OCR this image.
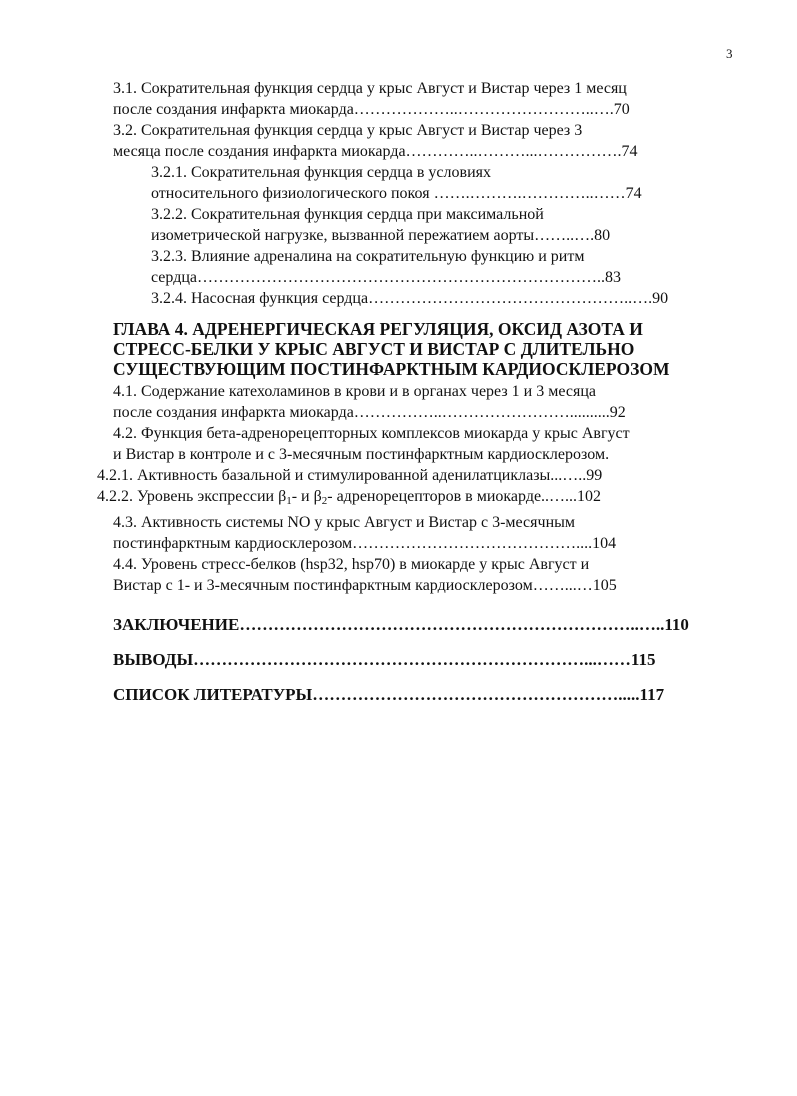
3
3.1. Сократительная функция сердца у крыс Август и Вистар через 1 месяц
после создания инфаркта миокарда………………..……………………..….70
3.2. Сократительная функция сердца у крыс Август и Вистар через 3
месяца после создания инфаркта миокарда…………..………...…………….74
3.2.1. Сократительная функция сердца в условиях
относительного физиологического покоя …….……….…………..……74
3.2.2. Сократительная функция сердца при максимальной
изометрической нагрузке, вызванной пережатием аорты……..….80
3.2.3. Влияние адреналина на сократительную функцию и ритм
сердца…………………………………………………………………..83
3.2.4. Насосная функция сердца…………………………………………..….90
ГЛАВА 4. АДРЕНЕРГИЧЕСКАЯ РЕГУЛЯЦИЯ, ОКСИД АЗОТА И
СТРЕСС-БЕЛКИ У КРЫС АВГУСТ И ВИСТАР С ДЛИТЕЛЬНО
СУЩЕСТВУЮЩИМ ПОСТИНФАРКТНЫМ КАРДИОСКЛЕРОЗОМ
4.1. Содержание катехоламинов в крови и в органах через 1 и 3 месяца
после создания инфаркта миокарда……………..……………………..........92
4.2. Функция бета-адренорецепторных комплексов миокарда у крыс Август
и Вистар в контроле и с 3-месячным постинфарктным кардиосклерозом.
4.2.1. Активность базальной и стимулированной аденилатциклазы...…..99
4.2.2. Уровень экспрессии $\beta_1-$ и $\beta_2-$ адренорецепторов в миокарде..…...102
4.3. Активность системы NO у крыс Август и Вистар с 3-месячным
постинфарктным кардиосклерозом……………………………………....104
4.4. Уровень стресс-белков (hsp32, hsp70) в миокарде у крыс Август и
Вистар с 1- и 3-месячным постинфарктным кардиосклерозом……...…105
ЗАКЛЮЧЕНИЕ……………………………………………………………..…..110
ВЫВОДЫ……………………………………………………………...……115
СПИСОК ЛИТЕРАТУРЫ……………………………………………….....117
